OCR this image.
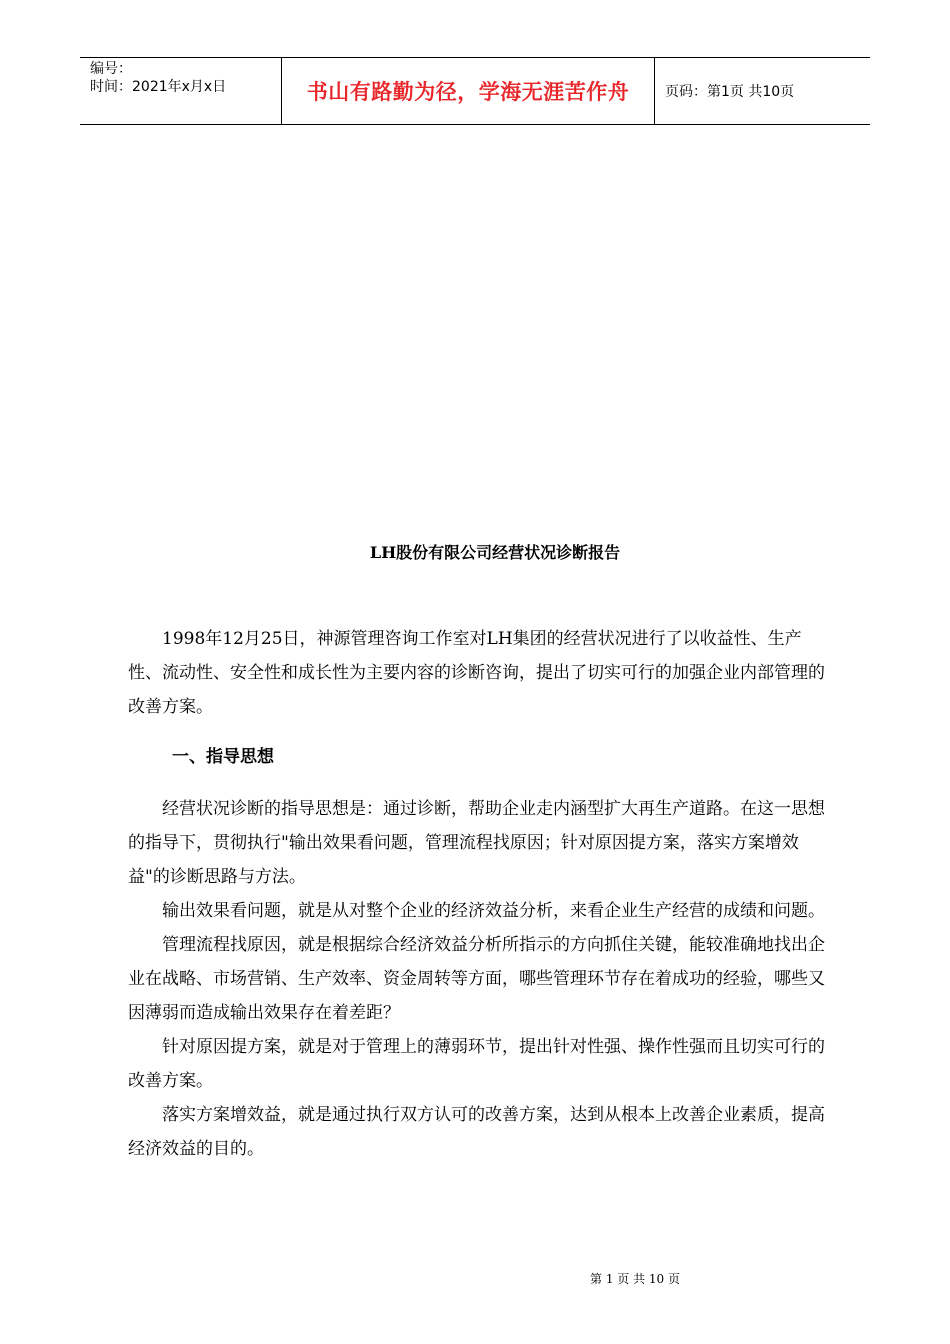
编号：
时间：2021年x月x日	书山有路勤为径，学海无涯苦作舟	页码：第1页 共10页
LH股份有限公司经营状况诊断报告

1998年12月25日，神源管理咨询工作室对LH集团的经营状况进行了以收益性、生产性、流动性、安全性和成长性为主要内容的诊断咨询，提出了切实可行的加强企业内部管理的改善方案。

一、指导思想

经营状况诊断的指导思想是：通过诊断，帮助企业走内涵型扩大再生产道路。在这一思想的指导下，贯彻执行"输出效果看问题，管理流程找原因；针对原因提方案，落实方案增效益"的诊断思路与方法。

输出效果看问题，就是从对整个企业的经济效益分析，来看企业生产经营的成绩和问题。

管理流程找原因，就是根据综合经济效益分析所指示的方向抓住关键，能较准确地找出企业在战略、市场营销、生产效率、资金周转等方面，哪些管理环节存在着成功的经验，哪些又因薄弱而造成输出效果存在着差距？

针对原因提方案，就是对于管理上的薄弱环节，提出针对性强、操作性强而且切实可行的改善方案。

落实方案增效益，就是通过执行双方认可的改善方案，达到从根本上改善企业素质，提高经济效益的目的。

第 1 页 共 10 页
